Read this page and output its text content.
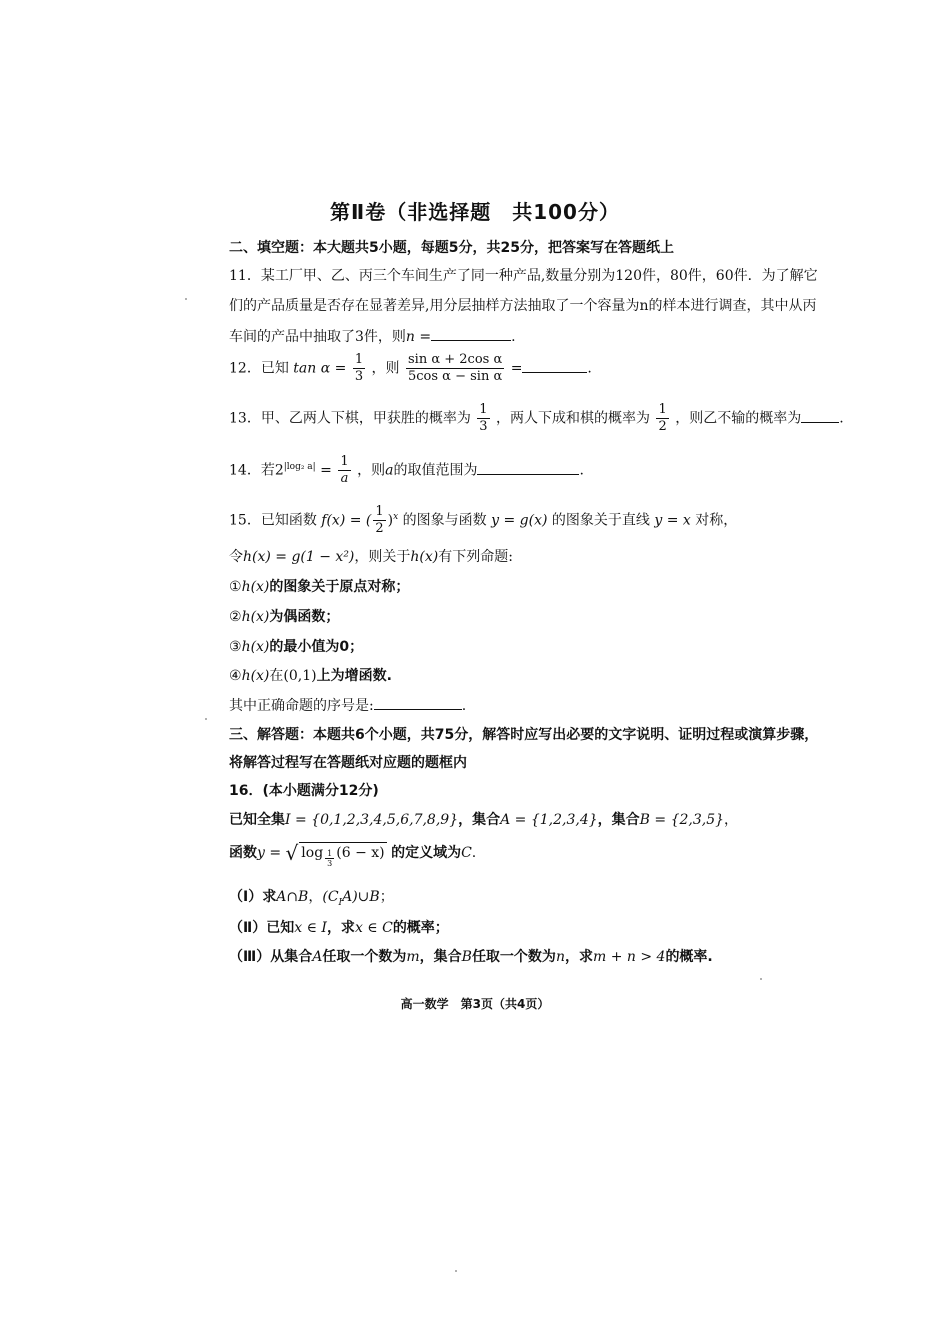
第Ⅱ卷（非选择题　共100分）
二、填空题：本大题共5小题，每题5分，共25分，把答案写在答题纸上
11．某工厂甲、乙、丙三个车间生产了同一种产品,数量分别为120件，80件，60件．为了解它
们的产品质量是否存在显著差异,用分层抽样方法抽取了一个容量为n的样本进行调查，其中从丙
车间的产品中抽取了3件，则n =	.
12．已知 $\tan \alpha = \frac{1}{3}$ ，则 $\frac{\text{sin α + 2cos α}}{\text{5cos α − sin α}}$ =	.
13．甲、乙两人下棋，甲获胜的概率为 $\frac{1}{3}$ ，两人下成和棋的概率为 $\frac{1}{2}$ ，则乙不输的概率为	.
14．若$2^{|log_2 a|} = \frac{1}{a}$ ，则a的取值范围为	.
15．已知函数 f(x) = ( $\frac{1}{2} )^x$ 的图象与函数 y = g(x) 的图象关于直线 y = x 对称，
令h(x) = g(1 − x²)，则关于h(x)有下列命题:
①h(x)的图象关于原点对称；
②h(x)为偶函数；
③h(x)的最小值为0；
④h(x)在(0,1)上为增函数.
其中正确命题的序号是:	.
三、解答题：本题共6个小题，共75分，解答时应写出必要的文字说明、证明过程或演算步骤，
将解答过程写在答题纸对应题的题框内
16．(本小题满分12分)
已知全集I = {0,1,2,3,4,5,6,7,8,9}，集合A = {1,2,3,4}，集合B = {2,3,5}，
函数y = √ log $_{\frac{1}{3}}$ (6 − x) 的定义域为C.
（Ⅰ）求A∩B，$(C_IA)\cup B$；
（Ⅱ）已知x ∈ I，求x ∈ C的概率；
（Ⅲ）从集合A任取一个数为m，集合B任取一个数为n，求m + n > 4的概率.
高一数学　第3页（共4页）
